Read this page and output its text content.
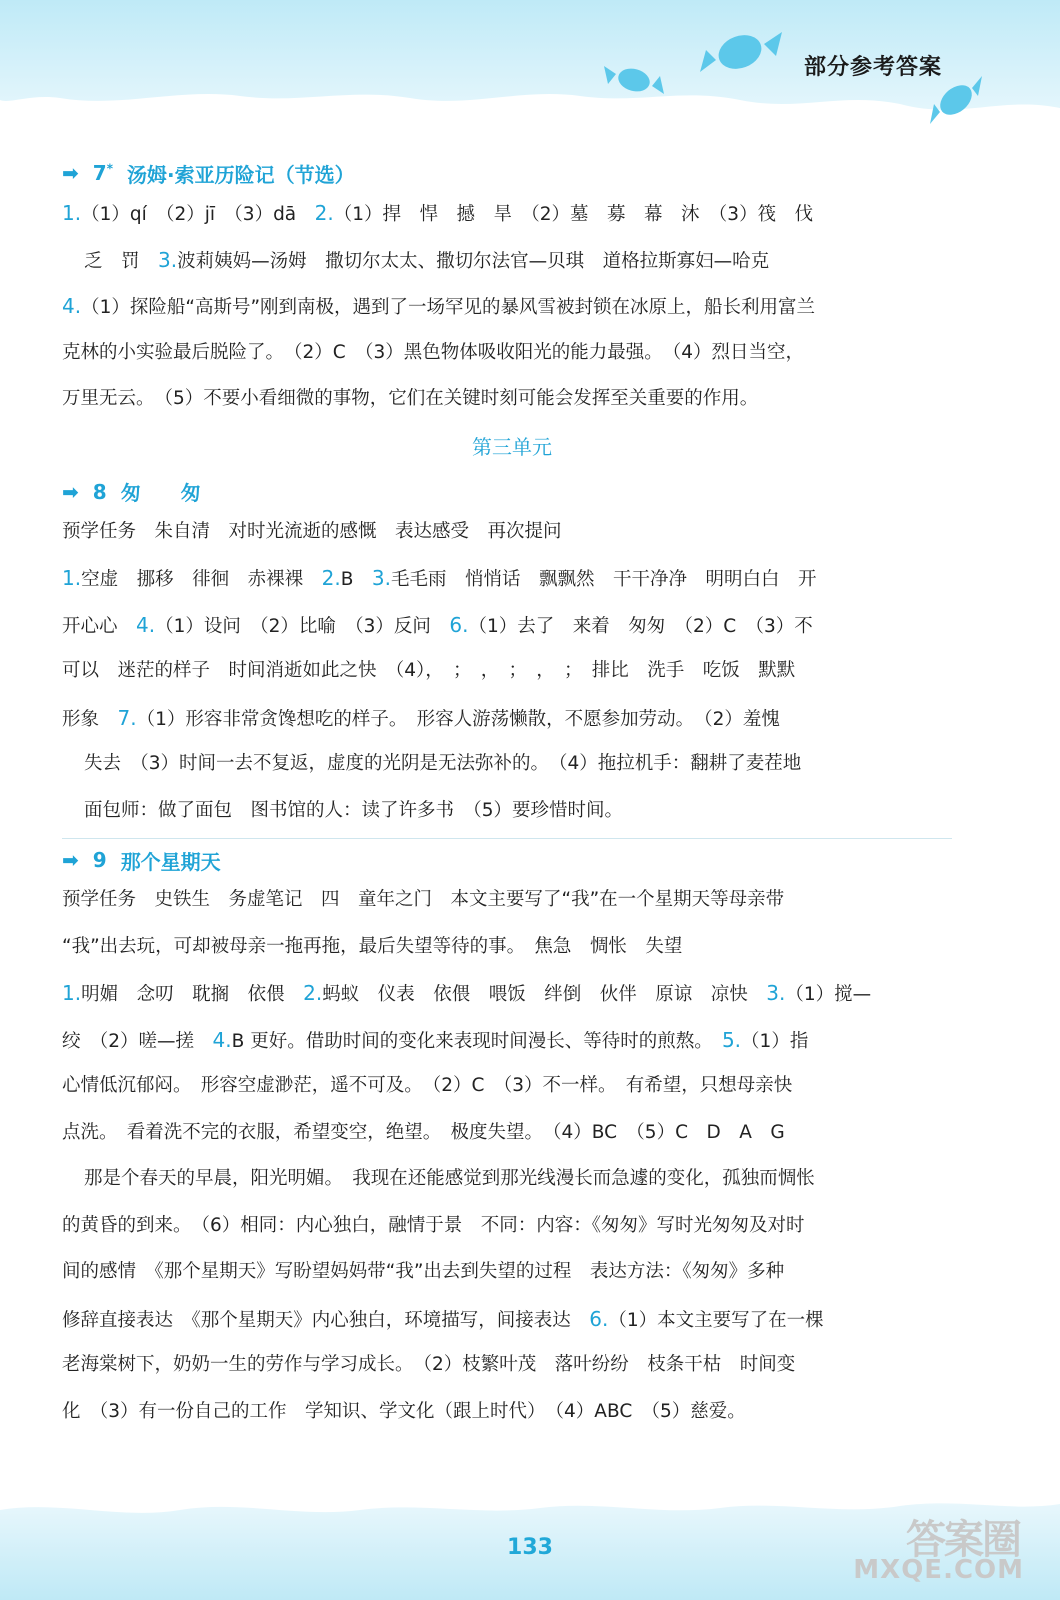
部分参考答案
➡ 7* 汤姆·索亚历险记（节选）
1.（1）qí　（2）jī　（3）dā　2.（1）捍　悍　撼　旱　（2）墓　募　幕　沐　（3）筏　伐
乏　罚　3.波莉姨妈—汤姆　撒切尔太太、撒切尔法官—贝琪　道格拉斯寡妇—哈克
4.（1）探险船“高斯号”刚到南极，遇到了一场罕见的暴风雪被封锁在冰原上，船长利用富兰
克林的小实验最后脱险了。　（2）C　（3）黑色物体吸收阳光的能力最强。　（4）烈日当空，
万里无云。　（5）不要小看细微的事物，它们在关键时刻可能会发挥至关重要的作用。
第三单元
➡ 8 匆　　匆
预学任务　朱自清　对时光流逝的感慨　表达感受　再次提问
1.空虚　挪移　徘徊　赤裸裸　2.B　3.毛毛雨　悄悄话　飘飘然　干干净净　明明白白　开
开心心　4.（1）设问　（2）比喻　（3）反问　6.（1）去了　来着　匆匆　（2）C　（3）不
可以　迷茫的样子　时间消逝如此之快　（4），　；　，　；　，　；　排比　洗手　吃饭　默默
形象　7.（1）形容非常贪馋想吃的样子。　形容人游荡懒散，不愿参加劳动。　（2）羞愧
失去　（3）时间一去不复返，虚度的光阴是无法弥补的。　（4）拖拉机手：翻耕了麦茬地
面包师：做了面包　图书馆的人：读了许多书　（5）要珍惜时间。
➡ 9 那个星期天
预学任务　史铁生　务虚笔记　四　童年之门　本文主要写了“我”在一个星期天等母亲带
“我”出去玩，可却被母亲一拖再拖，最后失望等待的事。　焦急　惆怅　失望
1.明媚　念叨　耽搁　依偎　2.蚂蚁　仪表　依偎　喂饭　绊倒　伙伴　原谅　凉快　3.（1）搅—
绞　（2）嗟—搓　4.B 更好。借助时间的变化来表现时间漫长、等待时的煎熬。　5.（1）指
心情低沉郁闷。　形容空虚渺茫，遥不可及。　（2）C　（3）不一样。　有希望，只想母亲快
点洗。　看着洗不完的衣服，希望变空，绝望。　极度失望。　（4）BC　（5）C　D　A　G
那是个春天的早晨，阳光明媚。　我现在还能感觉到那光线漫长而急遽的变化，孤独而惆怅
的黄昏的到来。　（6）相同：内心独白，融情于景　不同：内容：《匆匆》写时光匆匆及对时
间的感情　《那个星期天》写盼望妈妈带“我”出去到失望的过程　表达方法：《匆匆》多种
修辞直接表达　《那个星期天》内心独白，环境描写，间接表达　6.（1）本文主要写了在一棵
老海棠树下，奶奶一生的劳作与学习成长。　（2）枝繁叶茂　落叶纷纷　枝条干枯　时间变
化　（3）有一份自己的工作　学知识、学文化（跟上时代）　（4）ABC　（5）慈爱。
133	答案圈
MXQE.COM
